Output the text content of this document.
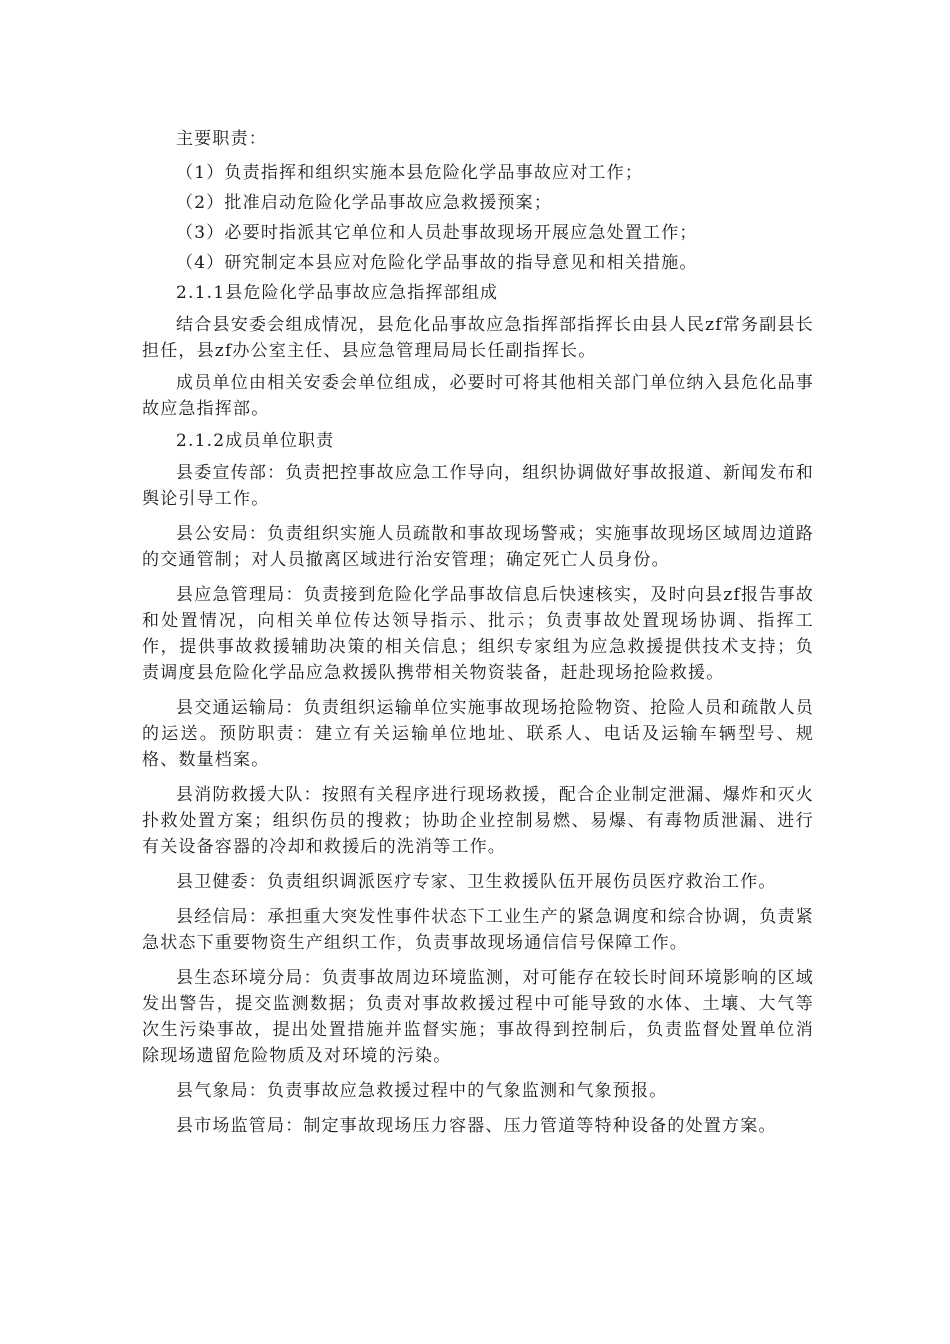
主要职责：

（1）负责指挥和组织实施本县危险化学品事故应对工作；

（2）批准启动危险化学品事故应急救援预案；

（3）必要时指派其它单位和人员赴事故现场开展应急处置工作；

（4）研究制定本县应对危险化学品事故的指导意见和相关措施。

2.1.1县危险化学品事故应急指挥部组成

结合县安委会组成情况，县危化品事故应急指挥部指挥长由县人民zf常务副县长担任，县zf办公室主任、县应急管理局局长任副指挥长。

成员单位由相关安委会单位组成，必要时可将其他相关部门单位纳入县危化品事故应急指挥部。

2.1.2成员单位职责

县委宣传部：负责把控事故应急工作导向，组织协调做好事故报道、新闻发布和舆论引导工作。

县公安局：负责组织实施人员疏散和事故现场警戒；实施事故现场区域周边道路的交通管制；对人员撤离区域进行治安管理；确定死亡人员身份。

县应急管理局：负责接到危险化学品事故信息后快速核实，及时向县zf报告事故和处置情况，向相关单位传达领导指示、批示；负责事故处置现场协调、指挥工作，提供事故救援辅助决策的相关信息；组织专家组为应急救援提供技术支持；负责调度县危险化学品应急救援队携带相关物资装备，赶赴现场抢险救援。

县交通运输局：负责组织运输单位实施事故现场抢险物资、抢险人员和疏散人员的运送。预防职责：建立有关运输单位地址、联系人、电话及运输车辆型号、规格、数量档案。

县消防救援大队：按照有关程序进行现场救援，配合企业制定泄漏、爆炸和灭火扑救处置方案；组织伤员的搜救；协助企业控制易燃、易爆、有毒物质泄漏、进行有关设备容器的冷却和救援后的洗消等工作。

县卫健委：负责组织调派医疗专家、卫生救援队伍开展伤员医疗救治工作。

县经信局：承担重大突发性事件状态下工业生产的紧急调度和综合协调，负责紧急状态下重要物资生产组织工作，负责事故现场通信信号保障工作。

县生态环境分局：负责事故周边环境监测，对可能存在较长时间环境影响的区域发出警告，提交监测数据；负责对事故救援过程中可能导致的水体、土壤、大气等次生污染事故，提出处置措施并监督实施；事故得到控制后，负责监督处置单位消除现场遗留危险物质及对环境的污染。

县气象局：负责事故应急救援过程中的气象监测和气象预报。

县市场监管局：制定事故现场压力容器、压力管道等特种设备的处置方案。
